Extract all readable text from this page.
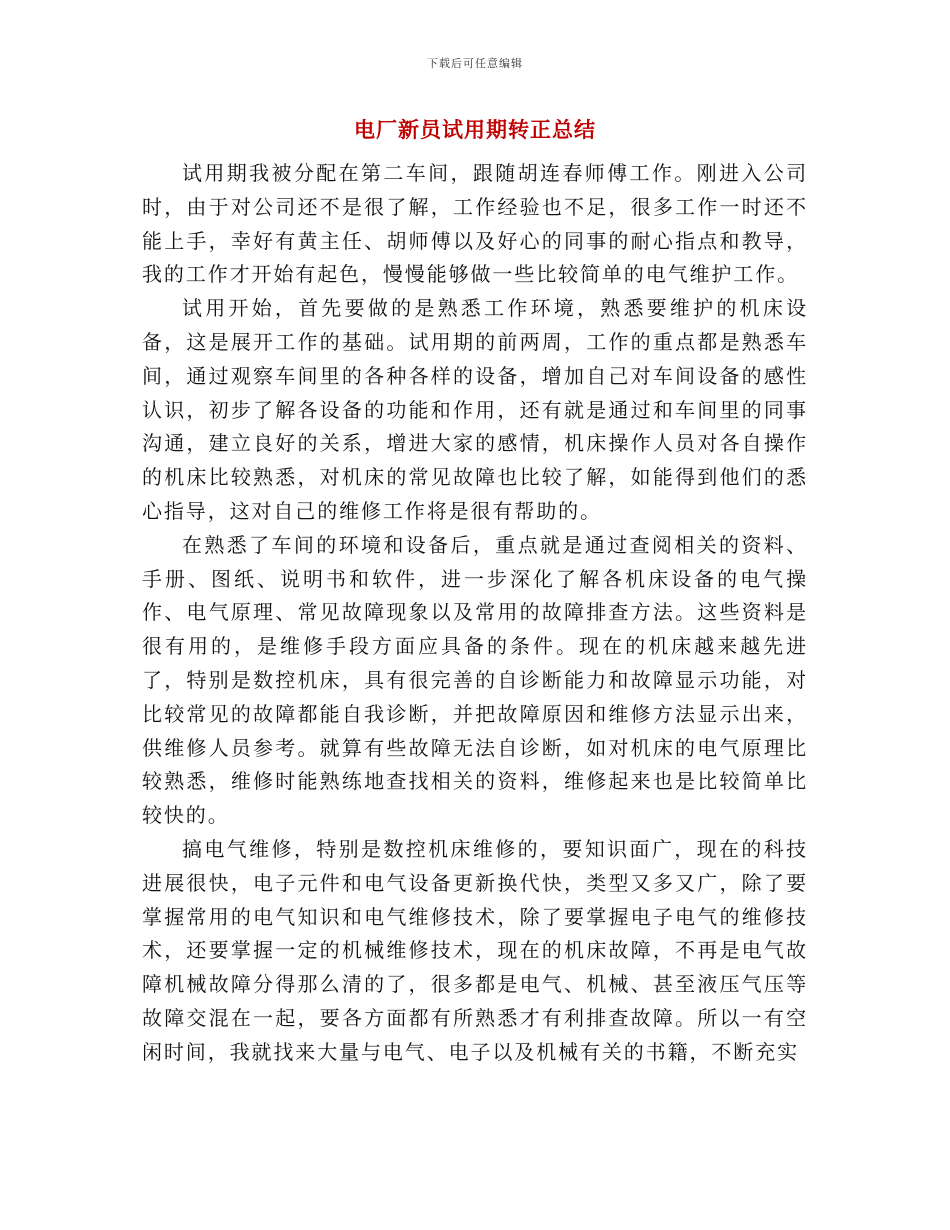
下载后可任意编辑
电厂新员试用期转正总结

试用期我被分配在第二车间，跟随胡连春师傅工作。刚进入公司时，由于对公司还不是很了解，工作经验也不足，很多工作一时还不能上手，幸好有黄主任、胡师傅以及好心的同事的耐心指点和教导，我的工作才开始有起色，慢慢能够做一些比较简单的电气维护工作。

试用开始，首先要做的是熟悉工作环境，熟悉要维护的机床设备，这是展开工作的基础。试用期的前两周，工作的重点都是熟悉车间，通过观察车间里的各种各样的设备，增加自己对车间设备的感性认识，初步了解各设备的功能和作用，还有就是通过和车间里的同事沟通，建立良好的关系，增进大家的感情，机床操作人员对各自操作的机床比较熟悉，对机床的常见故障也比较了解，如能得到他们的悉心指导，这对自己的维修工作将是很有帮助的。

在熟悉了车间的环境和设备后，重点就是通过查阅相关的资料、手册、图纸、说明书和软件，进一步深化了解各机床设备的电气操作、电气原理、常见故障现象以及常用的故障排查方法。这些资料是很有用的，是维修手段方面应具备的条件。现在的机床越来越先进了，特别是数控机床，具有很完善的自诊断能力和故障显示功能，对比较常见的故障都能自我诊断，并把故障原因和维修方法显示出来，供维修人员参考。就算有些故障无法自诊断，如对机床的电气原理比较熟悉，维修时能熟练地查找相关的资料，维修起来也是比较简单比较快的。

搞电气维修，特别是数控机床维修的，要知识面广，现在的科技进展很快，电子元件和电气设备更新换代快，类型又多又广，除了要掌握常用的电气知识和电气维修技术，除了要掌握电子电气的维修技术，还要掌握一定的机械维修技术，现在的机床故障，不再是电气故障机械故障分得那么清的了，很多都是电气、机械、甚至液压气压等故障交混在一起，要各方面都有所熟悉才有利排查故障。所以一有空闲时间，我就找来大量与电气、电子以及机械有关的书籍，不断充实
